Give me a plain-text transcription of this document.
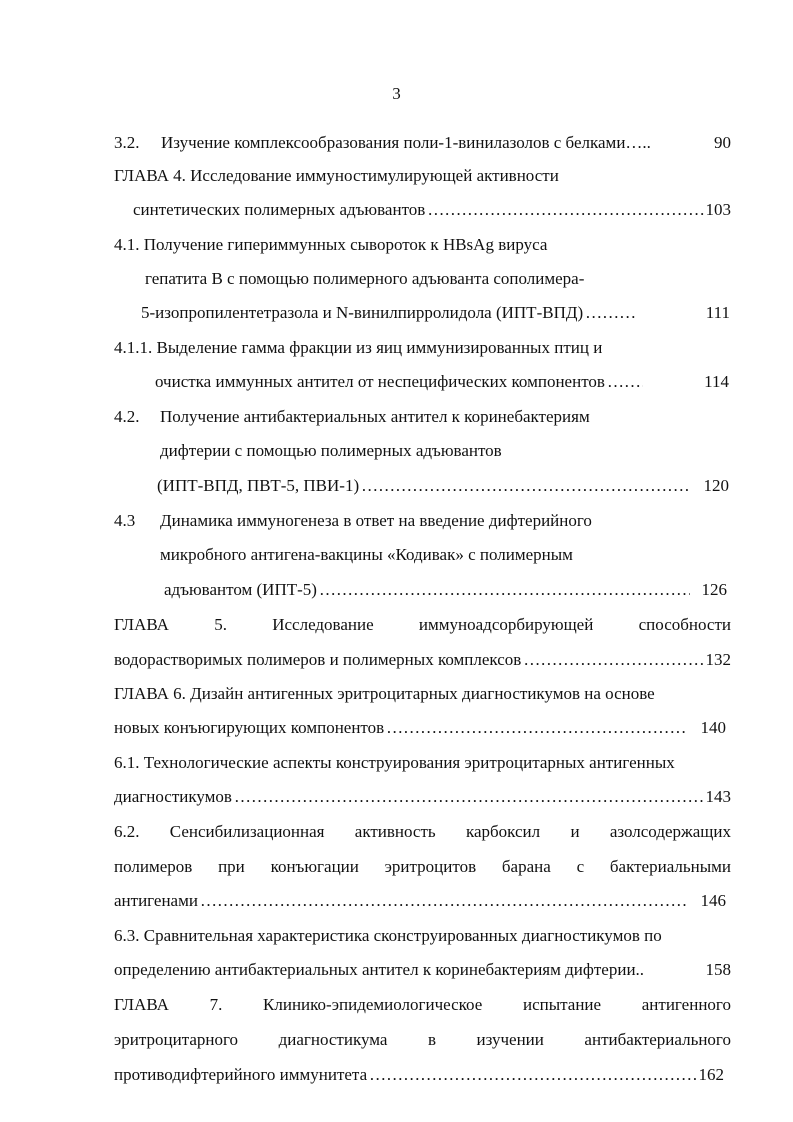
3
3.2.	Изучение комплексообразования поли-1-винилазолов с белками…..	90
ГЛАВА 4. Исследование иммуностимулирующей активности
синтетических полимерных адъювантов …………………………………………………………………………………………………………………………………………………………	103
4.1. Получение гипериммунных сывороток к HBsAg вируса
гепатита В с помощью полимерного адъюванта сополимера-
5-изопропилентетразола и N-винилпирролидола (ИПТ-ВПД) …………………………………………………………………………………………………………………………………………………………	111
4.1.1. Выделение гамма фракции из яиц иммунизированных птиц и
очистка иммунных антител от неспецифических компонентов …………………………………………………………………………………………………………………………………………………………	114
4.2.	Получение антибактериальных антител к коринебактериям
дифтерии с помощью полимерных адъювантов
(ИПТ-ВПД, ПВТ-5, ПВИ-1) …………………………………………………………………………………………………………………………………………………………	120
4.3	Динамика иммуногенеза в ответ на введение дифтерийного
микробного антигена-вакцины «Кодивак» с полимерным
адъювантом (ИПТ-5) …………………………………………………………………………………………………………………………………………………………	126
ГЛАВА	5.	Исследование	иммуноадсорбирующей	способности
водорастворимых полимеров и полимерных комплексов …………………………………………………………………………………………………………………………………………………………	132
ГЛАВА 6. Дизайн антигенных эритроцитарных диагностикумов на основе
новых конъюгирующих компонентов …………………………………………………………………………………………………………………………………………………………	140
6.1. Технологические аспекты конструирования эритроцитарных антигенных
диагностикумов …………………………………………………………………………………………………………………………………………………………	143
6.2. Сенсибилизационная активность карбоксил и азолсодержащих
полимеров при конъюгации эритроцитов барана с бактериальными
антигенами …………………………………………………………………………………………………………………………………………………………	146
6.3. Сравнительная характеристика сконструированных диагностикумов по
определению антибактериальных антител к коринебактериям дифтерии..	158
ГЛАВА 7. Клинико-эпидемиологическое испытание антигенного
эритроцитарного диагностикума в изучении антибактериального
противодифтерийного иммунитета …………………………………………………………………………………………………………………………………………………………	162
